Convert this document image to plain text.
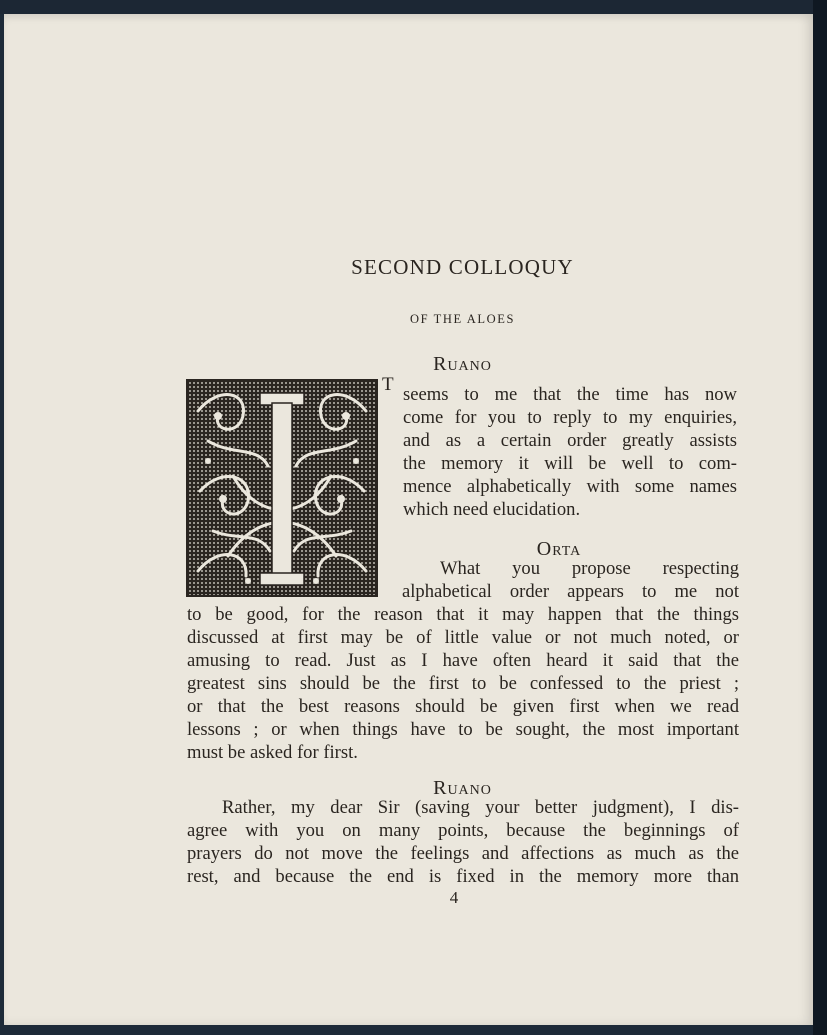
SECOND COLLOQUY
OF THE ALOES
RUANO
T seems to me that the time has now
come for you to reply to my enquiries,
and as a certain order greatly assists
the memory it will be well to com-
mence alphabetically with some names
which need elucidation.
ORTA
What you propose respecting
alphabetical order appears to me not
to be good, for the reason that it may happen that the things
discussed at first may be of little value or not much noted, or
amusing to read. Just as I have often heard it said that the
greatest sins should be the first to be confessed to the priest ;
or that the best reasons should be given first when we read
lessons ; or when things have to be sought, the most important
must be asked for first.
RUANO
Rather, my dear Sir (saving your better judgment), I dis-
agree with you on many points, because the beginnings of
prayers do not move the feelings and affections as much as the
rest, and because the end is fixed in the memory more than
4
